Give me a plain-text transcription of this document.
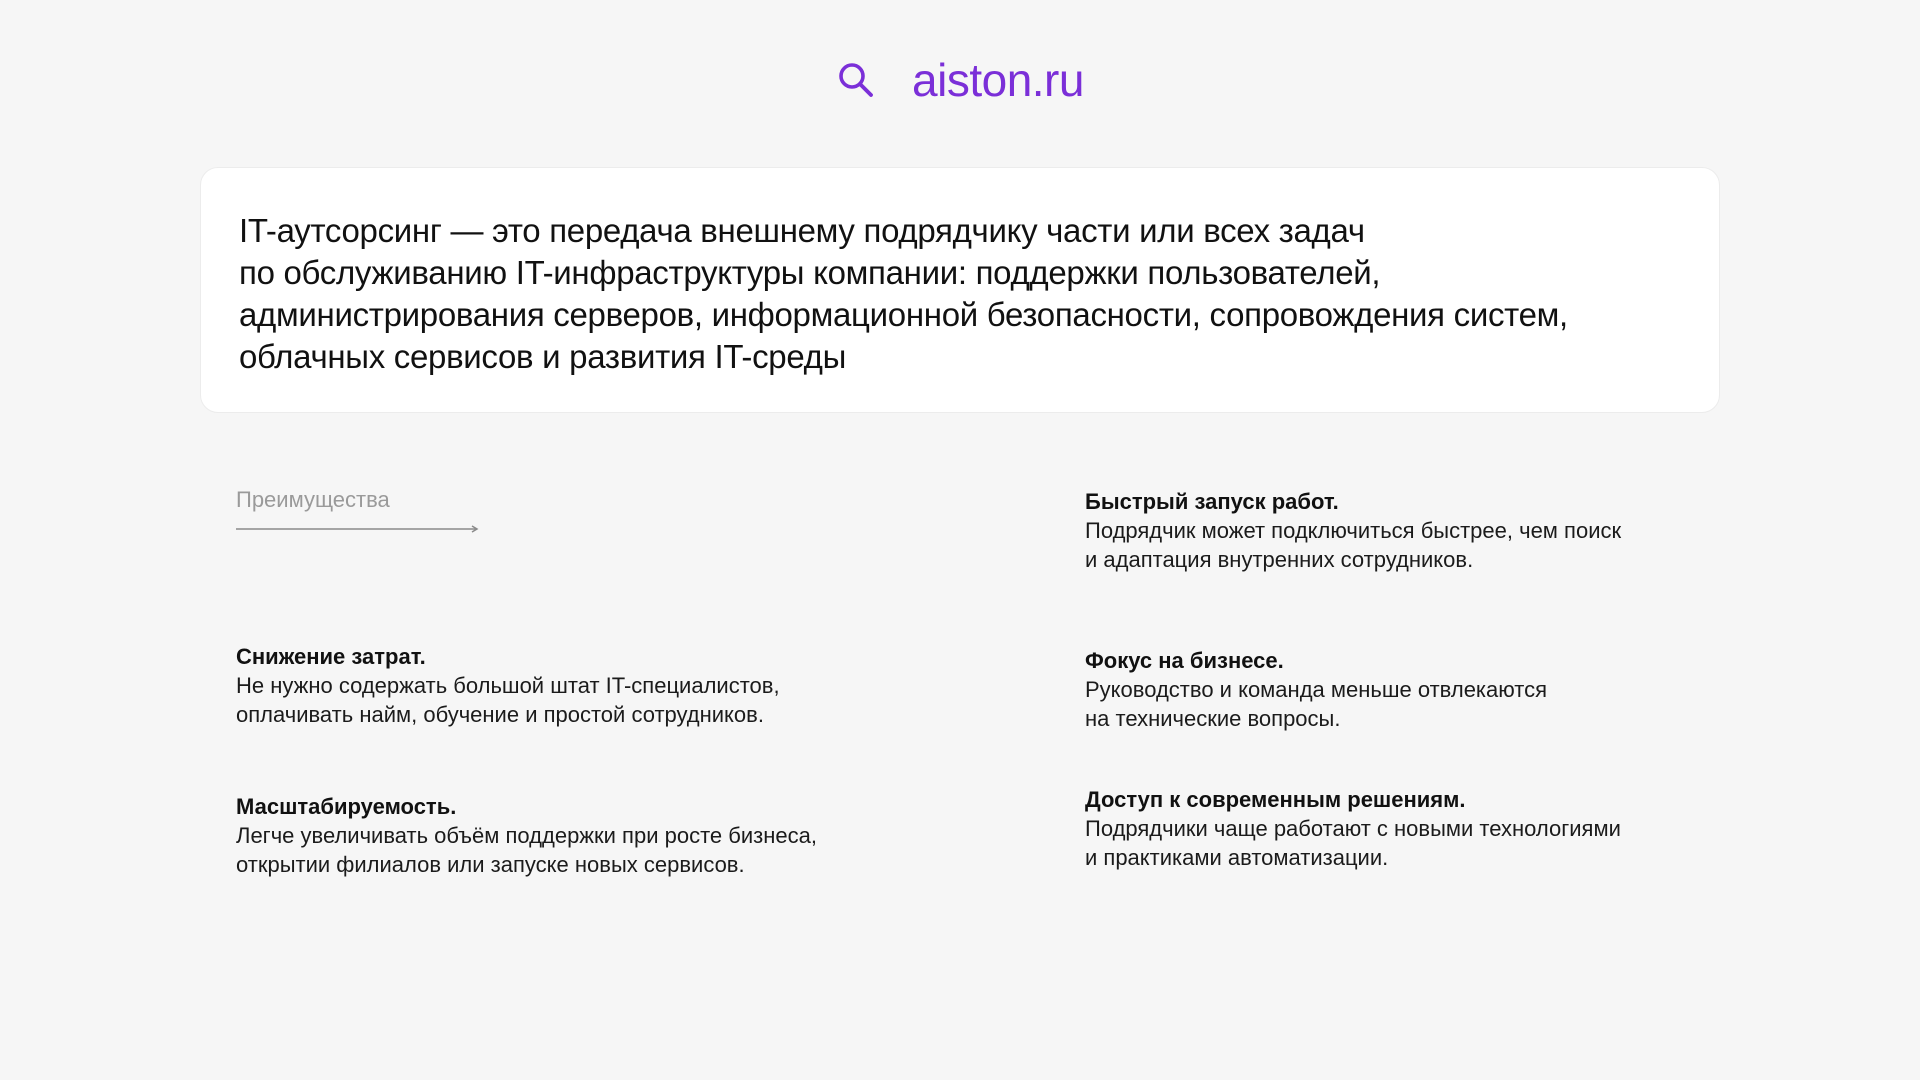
aiston.ru

IT-аутсорсинг — это передача внешнему подрядчику части или всех задач
по обслуживанию IT-инфраструктуры компании: поддержки пользователей,
администрирования серверов, информационной безопасности, сопровождения систем,
облачных сервисов и развития IT-среды

Преимущества	Быстрый запуск работ.

Подрядчик может подключиться быстрее, чем поиск
и адаптация внутренних сотрудников.

Снижение затрат.

Не нужно содержать большой штат IT-специалистов,
оплачивать найм, обучение и простой сотрудников.

Фокус на бизнесе.

Руководство и команда меньше отвлекаются
на технические вопросы.

Масштабируемость.

Легче увеличивать объём поддержки при росте бизнеса,
открытии филиалов или запуске новых сервисов.

Доступ к современным решениям.

Подрядчики чаще работают с новыми технологиями
и практиками автоматизации.
